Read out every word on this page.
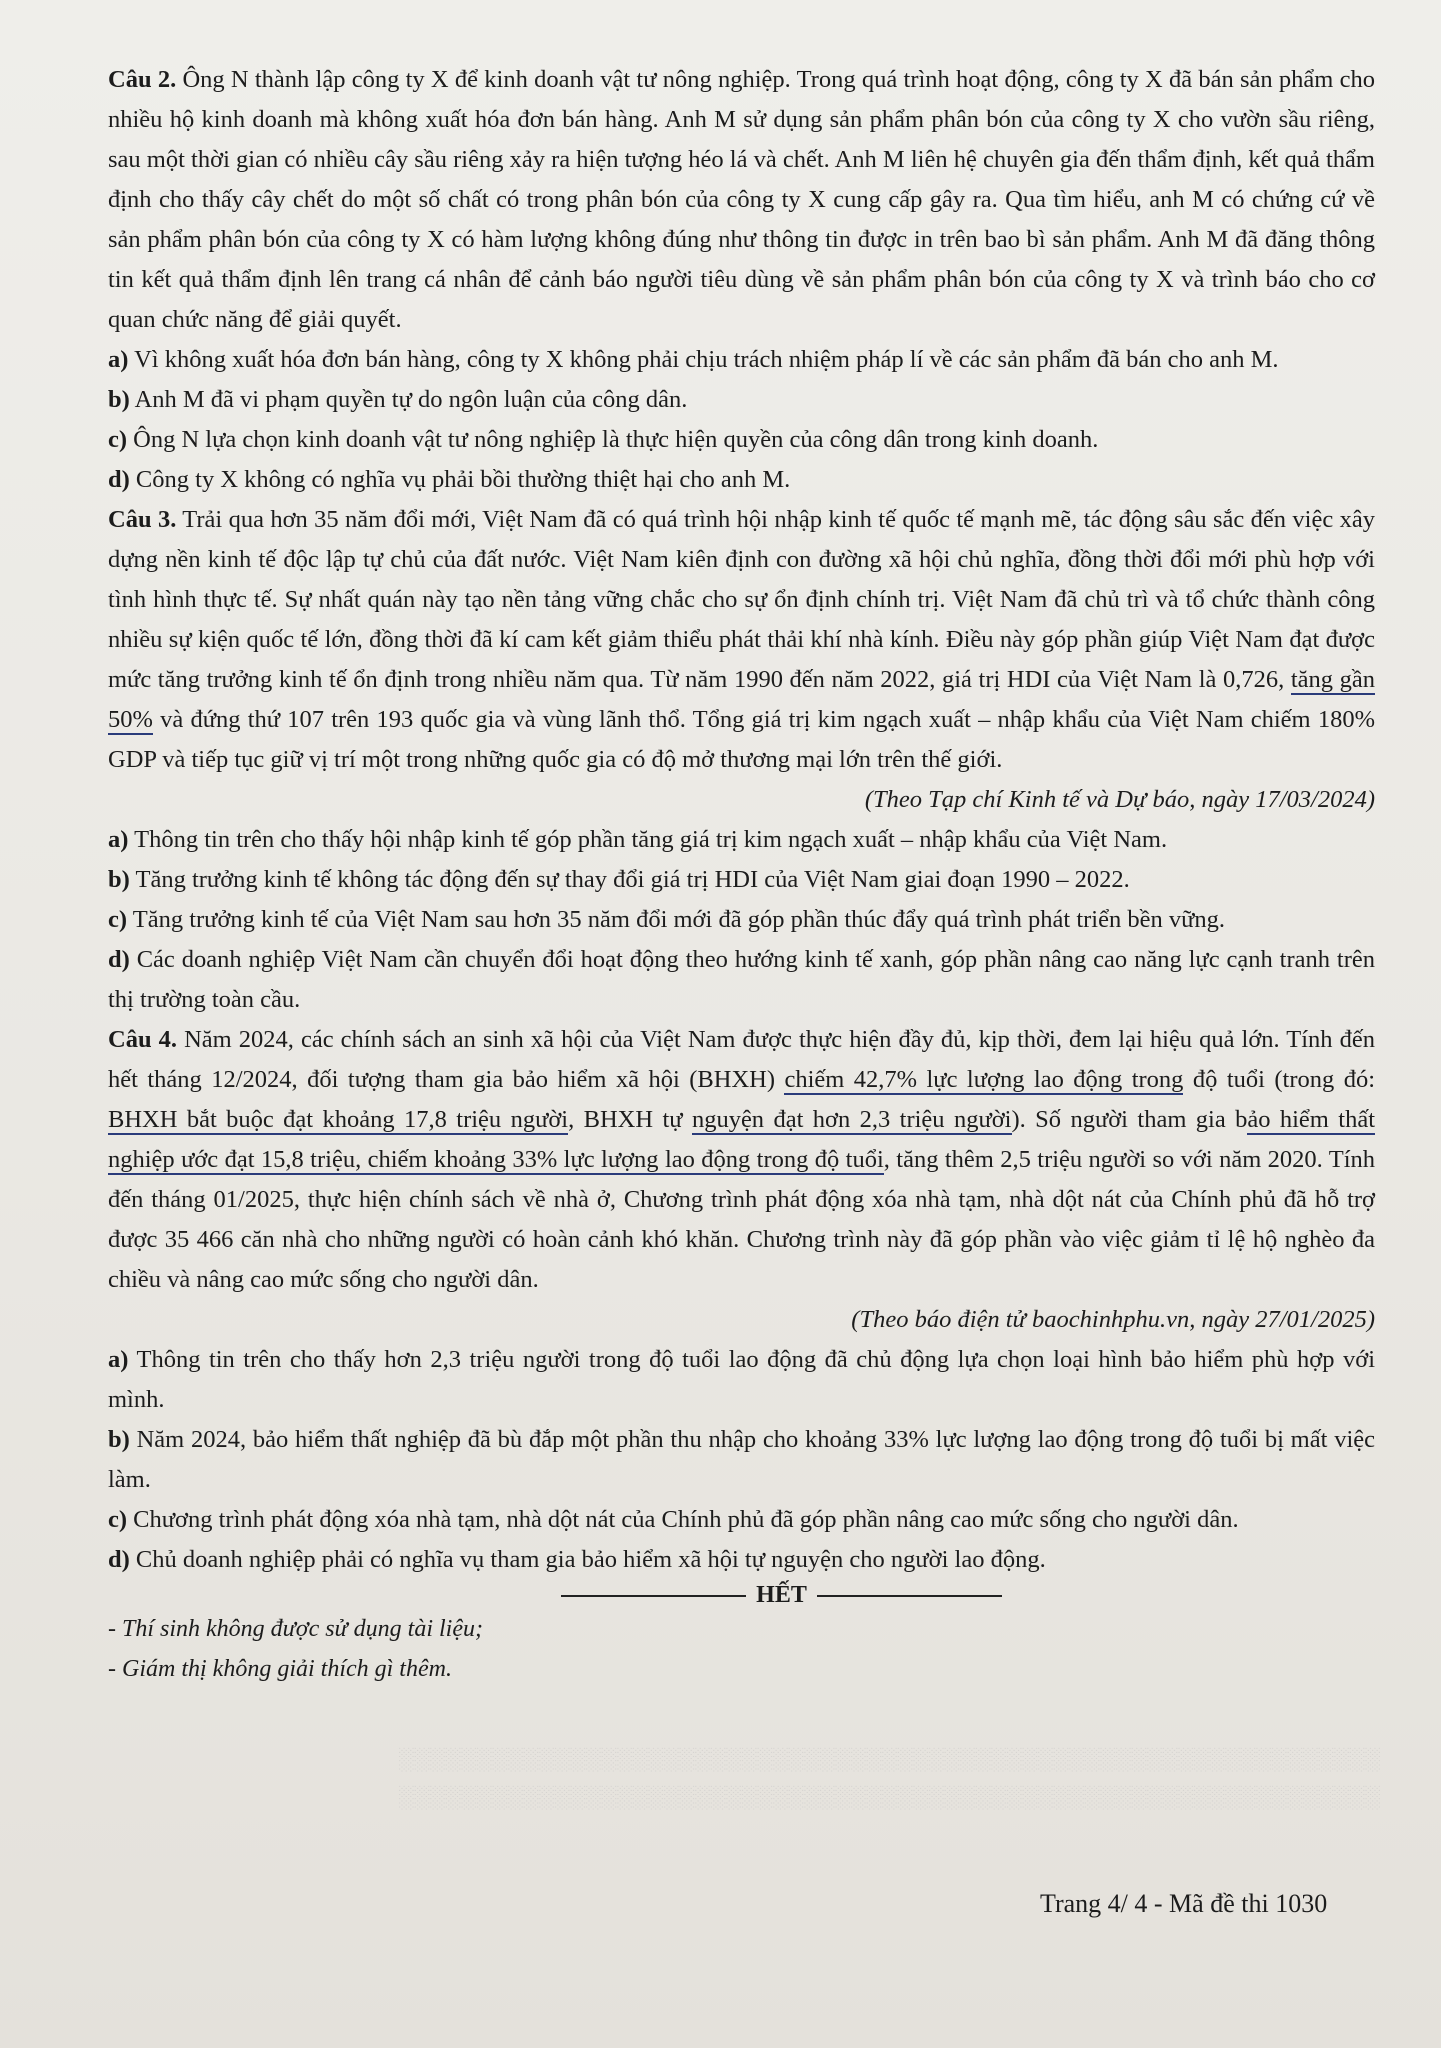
░░░░░░░░░░░░░░░░░░░░░░░░░░░░░░░░░░░░░░░░░░░░░░░░░░░░░░░░░░░░░░░
░░░░░░░░░░░░░░░░░░░░░░░░░░░░░░░░░░░░░░░░░░░░░░░░░░░░░░░░░░░░░░░

Câu 2. Ông N thành lập công ty X để kinh doanh vật tư nông nghiệp. Trong quá trình hoạt động, công ty X đã bán sản phẩm cho nhiều hộ kinh doanh mà không xuất hóa đơn bán hàng. Anh M sử dụng sản phẩm phân bón của công ty X cho vườn sầu riêng, sau một thời gian có nhiều cây sầu riêng xảy ra hiện tượng héo lá và chết. Anh M liên hệ chuyên gia đến thẩm định, kết quả thẩm định cho thấy cây chết do một số chất có trong phân bón của công ty X cung cấp gây ra. Qua tìm hiểu, anh M có chứng cứ về sản phẩm phân bón của công ty X có hàm lượng không đúng như thông tin được in trên bao bì sản phẩm. Anh M đã đăng thông tin kết quả thẩm định lên trang cá nhân để cảnh báo người tiêu dùng về sản phẩm phân bón của công ty X và trình báo cho cơ quan chức năng để giải quyết.

a) Vì không xuất hóa đơn bán hàng, công ty X không phải chịu trách nhiệm pháp lí về các sản phẩm đã bán cho anh M.

b) Anh M đã vi phạm quyền tự do ngôn luận của công dân.

c) Ông N lựa chọn kinh doanh vật tư nông nghiệp là thực hiện quyền của công dân trong kinh doanh.

d) Công ty X không có nghĩa vụ phải bồi thường thiệt hại cho anh M.

Câu 3. Trải qua hơn 35 năm đổi mới, Việt Nam đã có quá trình hội nhập kinh tế quốc tế mạnh mẽ, tác động sâu sắc đến việc xây dựng nền kinh tế độc lập tự chủ của đất nước. Việt Nam kiên định con đường xã hội chủ nghĩa, đồng thời đổi mới phù hợp với tình hình thực tế. Sự nhất quán này tạo nền tảng vững chắc cho sự ổn định chính trị. Việt Nam đã chủ trì và tổ chức thành công nhiều sự kiện quốc tế lớn, đồng thời đã kí cam kết giảm thiểu phát thải khí nhà kính. Điều này góp phần giúp Việt Nam đạt được mức tăng trưởng kinh tế ổn định trong nhiều năm qua. Từ năm 1990 đến năm 2022, giá trị HDI của Việt Nam là 0,726, tăng gần 50% và đứng thứ 107 trên 193 quốc gia và vùng lãnh thổ. Tổng giá trị kim ngạch xuất – nhập khẩu của Việt Nam chiếm 180% GDP và tiếp tục giữ vị trí một trong những quốc gia có độ mở thương mại lớn trên thế giới.

(Theo Tạp chí Kinh tế và Dự báo, ngày 17/03/2024)

a) Thông tin trên cho thấy hội nhập kinh tế góp phần tăng giá trị kim ngạch xuất – nhập khẩu của Việt Nam.

b) Tăng trưởng kinh tế không tác động đến sự thay đổi giá trị HDI của Việt Nam giai đoạn 1990 – 2022.

c) Tăng trưởng kinh tế của Việt Nam sau hơn 35 năm đổi mới đã góp phần thúc đẩy quá trình phát triển bền vững.

d) Các doanh nghiệp Việt Nam cần chuyển đổi hoạt động theo hướng kinh tế xanh, góp phần nâng cao năng lực cạnh tranh trên thị trường toàn cầu.

Câu 4. Năm 2024, các chính sách an sinh xã hội của Việt Nam được thực hiện đầy đủ, kịp thời, đem lại hiệu quả lớn. Tính đến hết tháng 12/2024, đối tượng tham gia bảo hiểm xã hội (BHXH) chiếm 42,7% lực lượng lao động trong độ tuổi (trong đó: BHXH bắt buộc đạt khoảng 17,8 triệu người, BHXH tự nguyện đạt hơn 2,3 triệu người). Số người tham gia bảo hiểm thất nghiệp ước đạt 15,8 triệu, chiếm khoảng 33% lực lượng lao động trong độ tuổi, tăng thêm 2,5 triệu người so với năm 2020. Tính đến tháng 01/2025, thực hiện chính sách về nhà ở, Chương trình phát động xóa nhà tạm, nhà dột nát của Chính phủ đã hỗ trợ được 35 466 căn nhà cho những người có hoàn cảnh khó khăn. Chương trình này đã góp phần vào việc giảm tỉ lệ hộ nghèo đa chiều và nâng cao mức sống cho người dân.

(Theo báo điện tử baochinhphu.vn, ngày 27/01/2025)

a) Thông tin trên cho thấy hơn 2,3 triệu người trong độ tuổi lao động đã chủ động lựa chọn loại hình bảo hiểm phù hợp với mình.

b) Năm 2024, bảo hiểm thất nghiệp đã bù đắp một phần thu nhập cho khoảng 33% lực lượng lao động trong độ tuổi bị mất việc làm.

c) Chương trình phát động xóa nhà tạm, nhà dột nát của Chính phủ đã góp phần nâng cao mức sống cho người dân.

d) Chủ doanh nghiệp phải có nghĩa vụ tham gia bảo hiểm xã hội tự nguyện cho người lao động.

HẾT

- Thí sinh không được sử dụng tài liệu;

- Giám thị không giải thích gì thêm.

Trang 4/ 4 - Mã đề thi 1030
